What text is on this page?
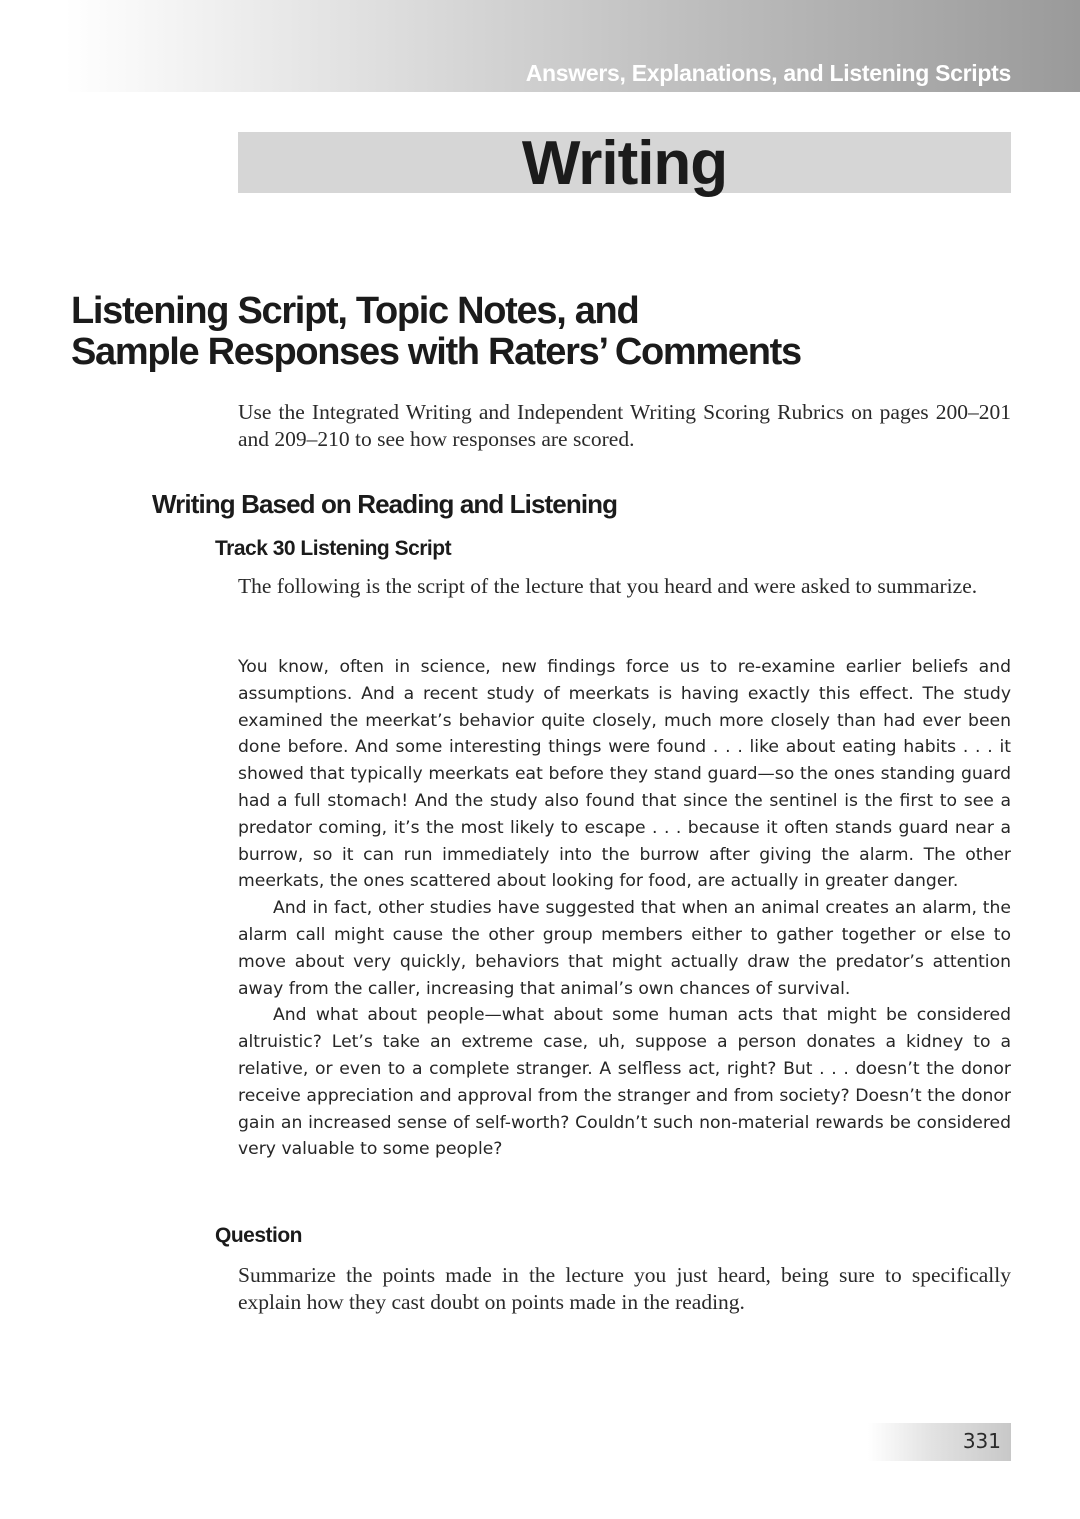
Answers, Explanations, and Listening Scripts
Writing
Listening Script, Topic Notes, and
Sample Responses with Raters’ Comments

Use the Integrated Writing and Independent Writing Scoring Rubrics on pages 200–201 and 209–210 to see how responses are scored.

Writing Based on Reading and Listening
Track 30 Listening Script

The following is the script of the lecture that you heard and were asked to summarize.

You know, often in science, new findings force us to re-examine earlier beliefs and assumptions. And a recent study of meerkats is having exactly this effect. The study examined the meerkat’s behavior quite closely, much more closely than had ever been done before. And some interesting things were found . . . like about eating habits . . . it showed that typically meerkats eat before they stand guard—so the ones standing guard had a full stomach! And the study also found that since the sentinel is the first to see a predator coming, it’s the most likely to escape . . . because it often stands guard near a burrow, so it can run immediately into the burrow after giving the alarm. The other meerkats, the ones scattered about looking for food, are actually in greater danger.

And in fact, other studies have suggested that when an animal creates an alarm, the alarm call might cause the other group members either to gather together or else to move about very quickly, behaviors that might actually draw the predator’s attention away from the caller, increasing that animal’s own chances of survival.

And what about people—what about some human acts that might be considered altruistic? Let’s take an extreme case, uh, suppose a person donates a kidney to a relative, or even to a complete stranger. A selfless act, right? But . . . doesn’t the donor receive appreciation and approval from the stranger and from society? Doesn’t the donor gain an increased sense of self-worth? Couldn’t such non-material rewards be considered very valuable to some people?

Question

Summarize the points made in the lecture you just heard, being sure to specifically explain how they cast doubt on points made in the reading.

331
